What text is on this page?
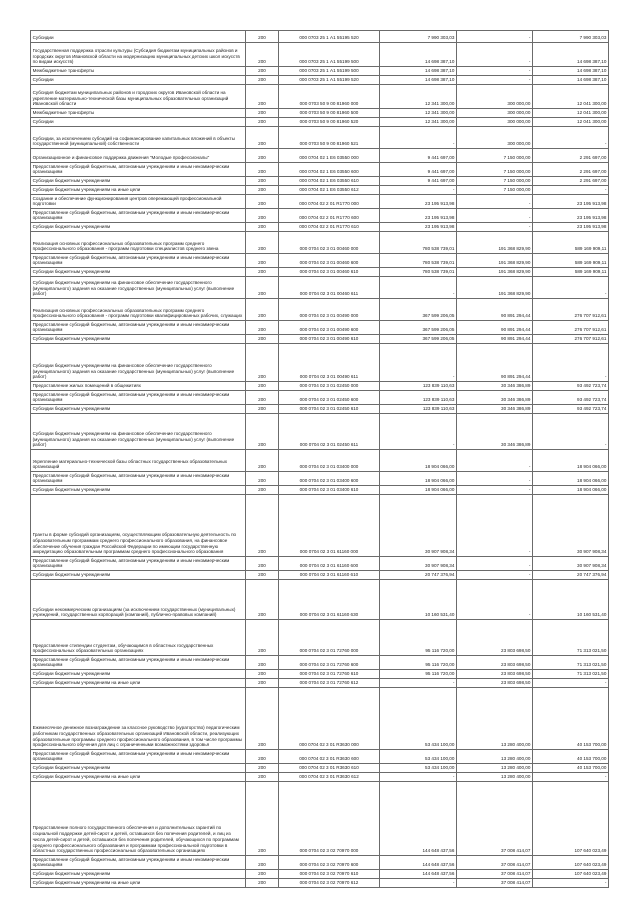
Субсидии	200	000 0703 25 1 А1 55195 520	7 990 303,03	-	7 990 303,03
Государственная поддержка отрасли культуры (Субсидия бюджетам муниципальных районов и городских округов Ивановской области на модернизацию муниципальных детских школ искусств по видам искусств)	200	000 0703 25 1 А1 55199 500	14 698 387,10	-	14 698 387,10
Межбюджетные трансферты	200	000 0703 25 1 А1 55199 500	14 698 387,10	-	14 698 387,10
Субсидии	200	000 0703 25 1 А1 55199 520	14 698 387,10	-	14 698 387,10
Субсидия бюджетам муниципальных районов и городских округов Ивановской области на укрепление материально-технической базы муниципальных образовательных организаций Ивановской области	200	000 0703 50 9 00 81960 000	12 341 300,00	300 000,00	12 041 300,00
Межбюджетные трансферты	200	000 0703 50 9 00 81960 500	12 341 300,00	300 000,00	12 041 300,00
Субсидии	200	000 0703 50 9 00 81960 520	12 341 300,00	300 000,00	12 041 300,00
Субсидии, за исключением субсидий на софинансирование капитальных вложений в объекты государственной (муниципальной) собственности	200	000 0703 50 9 00 81960 521	-	300 000,00	-
Организационное и финансовое поддержка движения "Молодые профессионалы"	200	000 0704 02 1 Е6 03550 000	9 441 697,00	7 150 000,00	2 291 697,00
Предоставление субсидий бюджетным, автономным учреждениям и иным некоммерческим организациям	200	000 0704 02 1 Е6 03550 600	9 441 697,00	7 150 000,00	2 291 697,00
Субсидии бюджетным учреждениям	200	000 0704 02 1 Е6 03550 610	9 441 697,00	7 150 000,00	2 291 697,00
Субсидии бюджетным учреждениям на иные цели	200	000 0704 02 1 Е6 03550 612	-	7 150 000,00	-
Создание и обеспечение функционирования центров опережающей профессиональной подготовки	200	000 0704 02 2 01 R1770 000	23 195 913,98	-	23 195 913,98
Предоставление субсидий бюджетным, автономным учреждениям и иным некоммерческим организациям	200	000 0704 02 2 01 R1770 600	23 195 913,98	-	23 195 913,98
Субсидии бюджетным учреждениям	200	000 0704 02 2 01 R1770 610	23 195 913,98	-	23 195 913,98
Реализация основных профессиональных образовательных программ среднего профессионального образования - программ подготовки специалистов среднего звена	200	000 0704 02 3 01 00460 000	780 538 739,01	191 368 829,90	589 169 909,11
Предоставление субсидий бюджетным, автономным учреждениям и иным некоммерческим организациям	200	000 0704 02 3 01 00460 600	780 538 739,01	191 368 829,90	589 169 909,11
Субсидии бюджетным учреждениям	200	000 0704 02 3 01 00460 610	780 538 739,01	191 368 829,90	589 169 909,11
Субсидии бюджетным учреждениям на финансовое обеспечение государственного (муниципального) задания на оказание государственных (муниципальных) услуг (выполнение работ)	200	000 0704 02 3 01 00460 611	-	191 368 829,90	-
Реализация основных профессиональных образовательных программ среднего профессионального образования - программ подготовки квалифицированных рабочих, служащих	200	000 0704 02 3 01 00490 000	367 599 206,05	90 891 294,44	276 707 912,61
Предоставление субсидий бюджетным, автономным учреждениям и иным некоммерческим организациям	200	000 0704 02 3 01 00490 600	367 599 206,05	90 891 294,44	276 707 912,61
Субсидии бюджетным учреждениям	200	000 0704 02 3 01 00490 610	367 599 206,05	90 891 294,44	276 707 912,61
Субсидии бюджетным учреждениям на финансовое обеспечение государственного (муниципального) задания на оказание государственных (муниципальных) услуг (выполнение работ)	200	000 0704 02 3 01 00490 611	-	90 891 294,44	-
Предоставление жилых помещений в общежитиях	200	000 0704 02 3 01 02450 000	123 839 110,63	30 346 386,89	93 492 723,74
Предоставление субсидий бюджетным, автономным учреждениям и иным некоммерческим организациям	200	000 0704 02 3 01 02450 600	123 839 110,63	30 346 386,89	93 492 723,74
Субсидии бюджетным учреждениям	200	000 0704 02 3 01 02450 610	123 839 110,63	30 346 386,89	93 492 723,74
Субсидии бюджетным учреждениям на финансовое обеспечение государственного (муниципального) задания на оказание государственных (муниципальных) услуг (выполнение работ)	200	000 0704 02 3 01 02450 611	-	30 346 386,89	-
Укрепление материально-технической базы областных государственных образовательных организаций	200	000 0704 02 3 01 03400 000	18 904 066,00	-	18 904 066,00
Предоставление субсидий бюджетным, автономным учреждениям и иным некоммерческим организациям	200	000 0704 02 3 01 03400 600	18 904 066,00	-	18 904 066,00
Субсидии бюджетным учреждениям	200	000 0704 02 3 01 03400 610	18 904 066,00	-	18 904 066,00
Гранты в форме субсидий организациям, осуществляющим образовательную деятельность по образовательным программам среднего профессионального образования, на финансовое обеспечение обучения граждан Российской Федерации по имеющим государственную аккредитацию образовательным программам среднего профессионального образования	200	000 0704 02 3 01 61160 000	30 907 908,34	-	30 907 908,34
Предоставление субсидий бюджетным, автономным учреждениям и иным некоммерческим организациям	200	000 0704 02 3 01 61160 600	30 907 908,34	-	30 907 908,34
Субсидии бюджетным учреждениям	200	000 0704 02 3 01 61160 610	20 747 376,94	-	20 747 376,94
Субсидии некоммерческим организациям (за исключением государственных (муниципальных) учреждений, государственных корпораций (компаний), публично-правовых компаний)	200	000 0704 02 3 01 61160 630	10 160 531,40	-	10 160 531,40
Предоставление стипендии студентам, обучающимся в областных государственных профессиональных образовательных организациях	200	000 0704 02 3 01 72760 000	95 116 720,00	23 803 698,50	71 313 021,50
Предоставление субсидий бюджетным, автономным учреждениям и иным некоммерческим организациям	200	000 0704 02 3 01 72760 600	95 116 720,00	23 803 698,50	71 313 021,50
Субсидии бюджетным учреждениям	200	000 0704 02 3 01 72760 610	95 116 720,00	23 803 698,50	71 313 021,50
Субсидии бюджетным учреждениям на иные цели	200	000 0704 02 3 01 72760 612	-	23 803 698,50	-
Ежемесячное денежное вознаграждение за классное руководство (кураторство) педагогическим работникам государственных образовательных организаций Ивановской области, реализующих образовательные программы среднего профессионального образования, в том числе программы профессионального обучения для лиц с ограниченными возможностями здоровья	200	000 0704 02 3 01 R3630 000	53 434 100,00	13 280 400,00	40 153 700,00
Предоставление субсидий бюджетным, автономным учреждениям и иным некоммерческим организациям	200	000 0704 02 3 01 R3630 600	53 434 100,00	13 280 400,00	40 153 700,00
Субсидии бюджетным учреждениям	200	000 0704 02 3 01 R3630 610	53 434 100,00	13 280 400,00	40 153 700,00
Субсидии бюджетным учреждениям на иные цели	200	000 0704 02 3 01 R3630 612	-	13 280 400,00	-
Предоставление полного государственного обеспечения и дополнительных гарантий по социальной поддержке детей-сирот и детей, оставшихся без попечения родителей, и лиц из числа детей-сирот и детей, оставшихся без попечения родителей, обучающихся по программам среднего профессионального образования и программам профессиональной подготовки в областных государственных профессиональных образовательных организациях	200	000 0704 02 3 02 70970 000	144 648 437,56	37 008 414,07	107 640 023,49
Предоставление субсидий бюджетным, автономным учреждениям и иным некоммерческим организациям	200	000 0704 02 3 02 70970 600	144 648 437,56	37 008 414,07	107 640 023,49
Субсидии бюджетным учреждениям	200	000 0704 02 3 02 70970 610	144 648 437,56	37 008 414,07	107 640 023,49
Субсидии бюджетным учреждениям на иные цели	200	000 0704 02 3 02 70970 612	-	37 008 414,07	-
